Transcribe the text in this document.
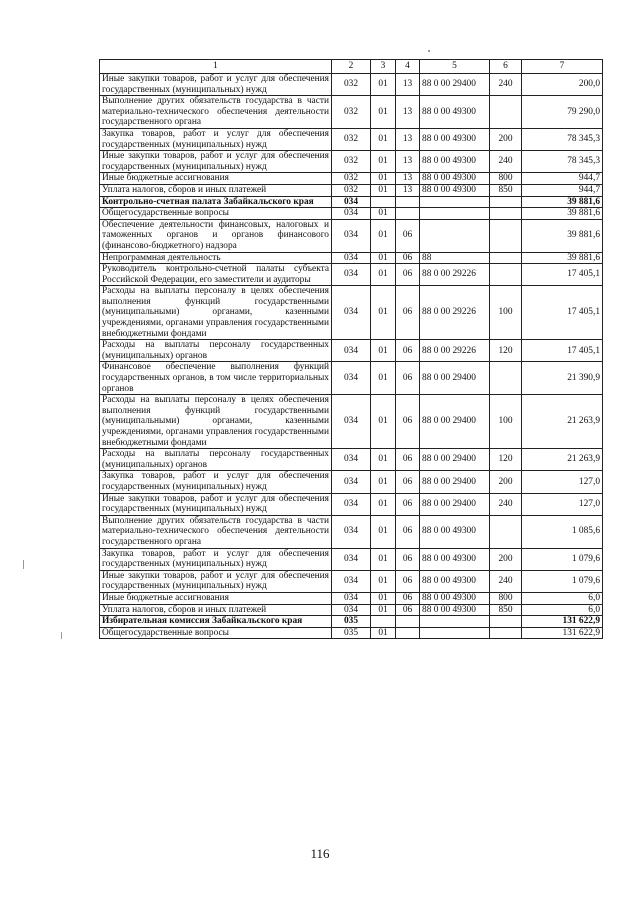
1	2	3	4	5	6	7
Иные закупки товаров, работ и услуг для обеспечения государственных (муниципальных) нужд	032	01	13	88 0 00 29400	240	200,0
Выполнение других обязательств государства в части материально-технического обеспечения деятельности государственного органа	032	01	13	88 0 00 49300		79 290,0
Закупка товаров, работ и услуг для обеспечения государственных (муниципальных) нужд	032	01	13	88 0 00 49300	200	78 345,3
Иные закупки товаров, работ и услуг для обеспечения государственных (муниципальных) нужд	032	01	13	88 0 00 49300	240	78 345,3
Иные бюджетные ассигнования	032	01	13	88 0 00 49300	800	944,7
Уплата налогов, сборов и иных платежей	032	01	13	88 0 00 49300	850	944,7
Контрольно-счетная палата Забайкальского края	034					39 881,6
Общегосударственные вопросы	034	01				39 881,6
Обеспечение деятельности финансовых, налоговых и таможенных органов и органов финансового (финансово-бюджетного) надзора	034	01	06			39 881,6
Непрограммная деятельность	034	01	06	88		39 881,6
Руководитель контрольно-счетной палаты субъекта Российской Федерации, его заместители и аудиторы	034	01	06	88 0 00 29226		17 405,1
Расходы на выплаты персоналу в целях обеспечения выполнения функций государственными (муниципальными) органами, казенными учреждениями, органами управления государственными внебюджетными фондами	034	01	06	88 0 00 29226	100	17 405,1
Расходы на выплаты персоналу государственных (муниципальных) органов	034	01	06	88 0 00 29226	120	17 405,1
Финансовое обеспечение выполнения функций государственных органов, в том числе территориальных органов	034	01	06	88 0 00 29400		21 390,9
Расходы на выплаты персоналу в целях обеспечения выполнения функций государственными (муниципальными) органами, казенными учреждениями, органами управления государственными внебюджетными фондами	034	01	06	88 0 00 29400	100	21 263,9
Расходы на выплаты персоналу государственных (муниципальных) органов	034	01	06	88 0 00 29400	120	21 263,9
Закупка товаров, работ и услуг для обеспечения государственных (муниципальных) нужд	034	01	06	88 0 00 29400	200	127,0
Иные закупки товаров, работ и услуг для обеспечения государственных (муниципальных) нужд	034	01	06	88 0 00 29400	240	127,0
Выполнение других обязательств государства в части материально-технического обеспечения деятельности государственного органа	034	01	06	88 0 00 49300		1 085,6
Закупка товаров, работ и услуг для обеспечения государственных (муниципальных) нужд	034	01	06	88 0 00 49300	200	1 079,6
Иные закупки товаров, работ и услуг для обеспечения государственных (муниципальных) нужд	034	01	06	88 0 00 49300	240	1 079,6
Иные бюджетные ассигнования	034	01	06	88 0 00 49300	800	6,0
Уплата налогов, сборов и иных платежей	034	01	06	88 0 00 49300	850	6,0
Избирательная комиссия Забайкальского края	035					131 622,9
Общегосударственные вопросы	035	01				131 622,9
116
